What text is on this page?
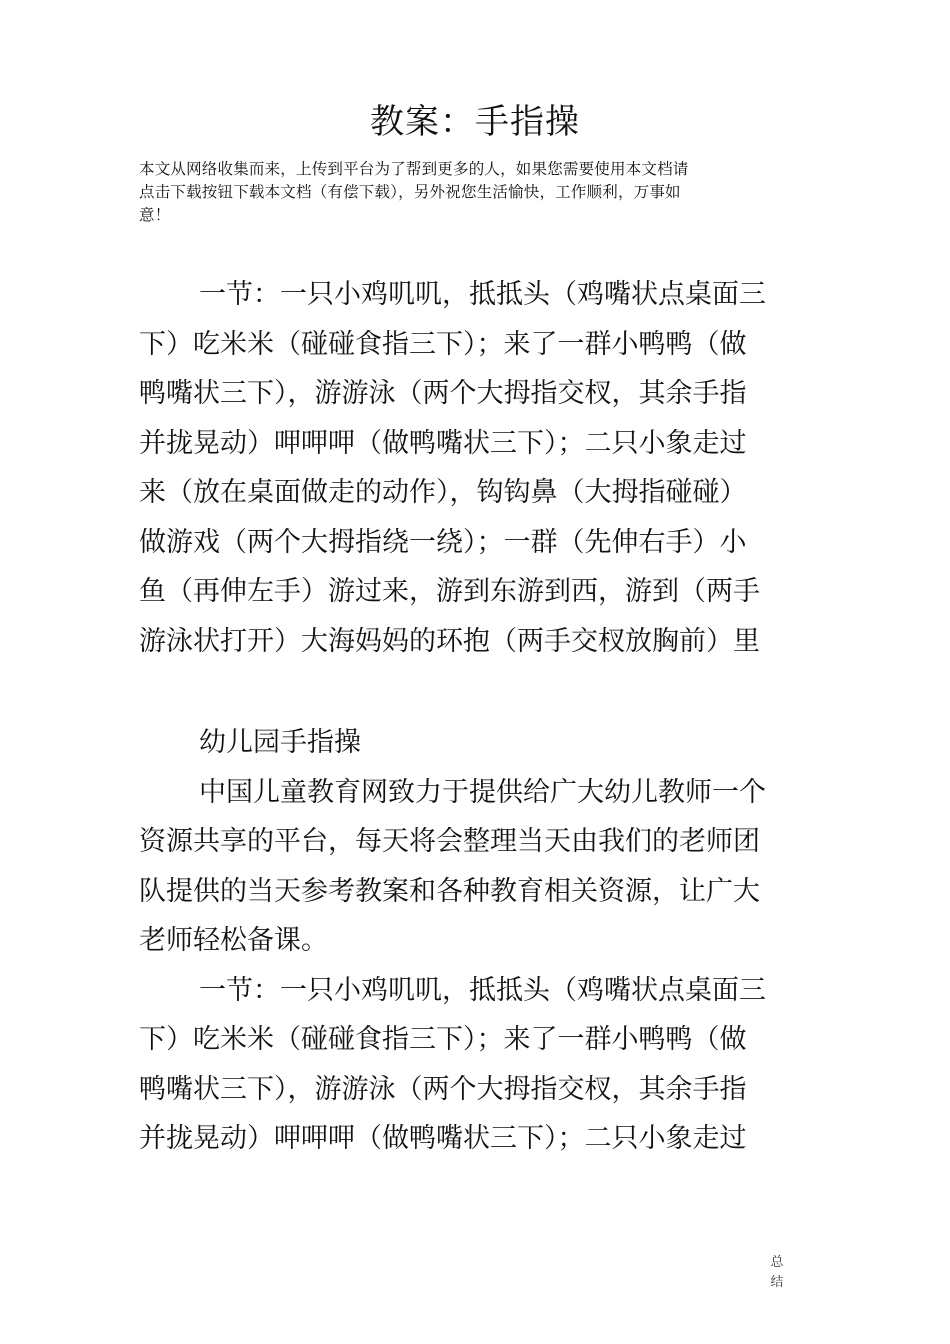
教案：手指操
本文从网络收集而来，上传到平台为了帮到更多的人，如果您需要使用本文档请
点击下载按钮下载本文档（有偿下载），另外祝您生活愉快，工作顺利，万事如
意！
一节：一只小鸡叽叽，抵抵头（鸡嘴状点桌面三
下）吃米米（碰碰食指三下）；来了一群小鸭鸭（做
鸭嘴状三下），游游泳（两个大拇指交杈，其余手指
并拢晃动）呷呷呷（做鸭嘴状三下）；二只小象走过
来（放在桌面做走的动作），钩钩鼻（大拇指碰碰）
做游戏（两个大拇指绕一绕）；一群（先伸右手）小
鱼（再伸左手）游过来，游到东游到西，游到（两手
游泳状打开）大海妈妈的环抱（两手交杈放胸前）里
幼儿园手指操
中国儿童教育网致力于提供给广大幼儿教师一个
资源共享的平台，每天将会整理当天由我们的老师团
队提供的当天参考教案和各种教育相关资源，让广大
老师轻松备课。
一节：一只小鸡叽叽，抵抵头（鸡嘴状点桌面三
下）吃米米（碰碰食指三下）；来了一群小鸭鸭（做
鸭嘴状三下），游游泳（两个大拇指交杈，其余手指
并拢晃动）呷呷呷（做鸭嘴状三下）；二只小象走过
总
结
